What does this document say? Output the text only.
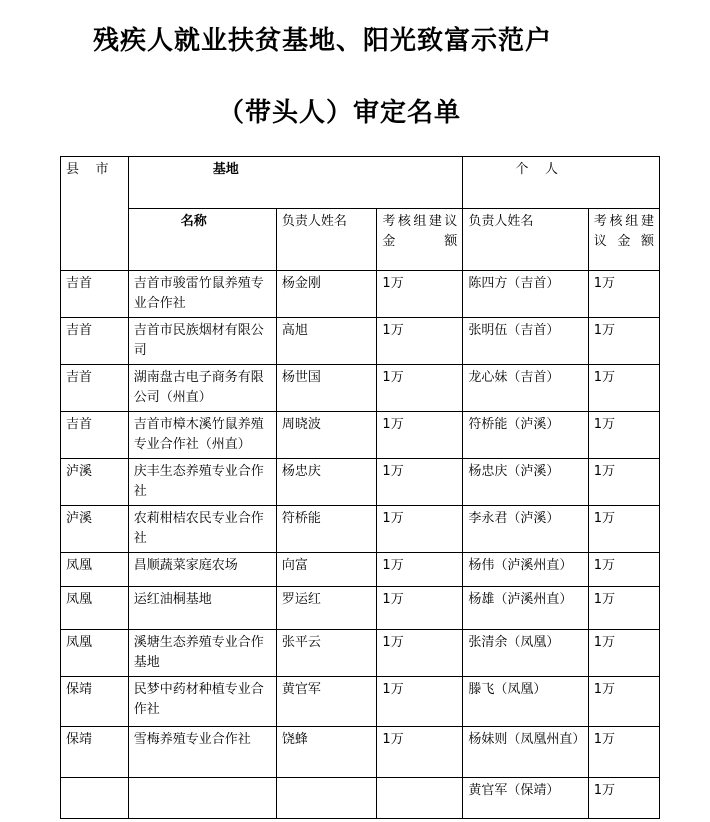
残疾人就业扶贫基地、阳光致富示范户
（带头人）审定名单
县    市	基地			个    人	
	名称	负责人姓名	考核组建议金额	负责人姓名	考核组建议金额
吉首	吉首市骏雷竹鼠养殖专业合作社	杨金刚	1万	陈四方（吉首）	1万
吉首	吉首市民族烟材有限公司	高旭	1万	张明伍（吉首）	1万
吉首	湖南盘古电子商务有限公司（州直）	杨世国	1万	龙心妹（吉首）	1万
吉首	吉首市樟木溪竹鼠养殖专业合作社（州直）	周晓波	1万	符桥能（泸溪）	1万
泸溪	庆丰生态养殖专业合作社	杨忠庆	1万	杨忠庆（泸溪）	1万
泸溪	农莉柑桔农民专业合作社	符桥能	1万	李永君（泸溪）	1万
凤凰	昌顺蔬菜家庭农场	向富	1万	杨伟（泸溪州直）	1万
凤凰	运红油桐基地	罗运红	1万	杨雄（泸溪州直）	1万
凤凰	溪塘生态养殖专业合作基地	张平云	1万	张清余（凤凰）	1万
保靖	民梦中药材种植专业合作社	黄官军	1万	滕飞（凤凰）	1万
保靖	雪梅养殖专业合作社	饶蜂	1万	杨妹则（凤凰州直）	1万
				黄官军（保靖）	1万
